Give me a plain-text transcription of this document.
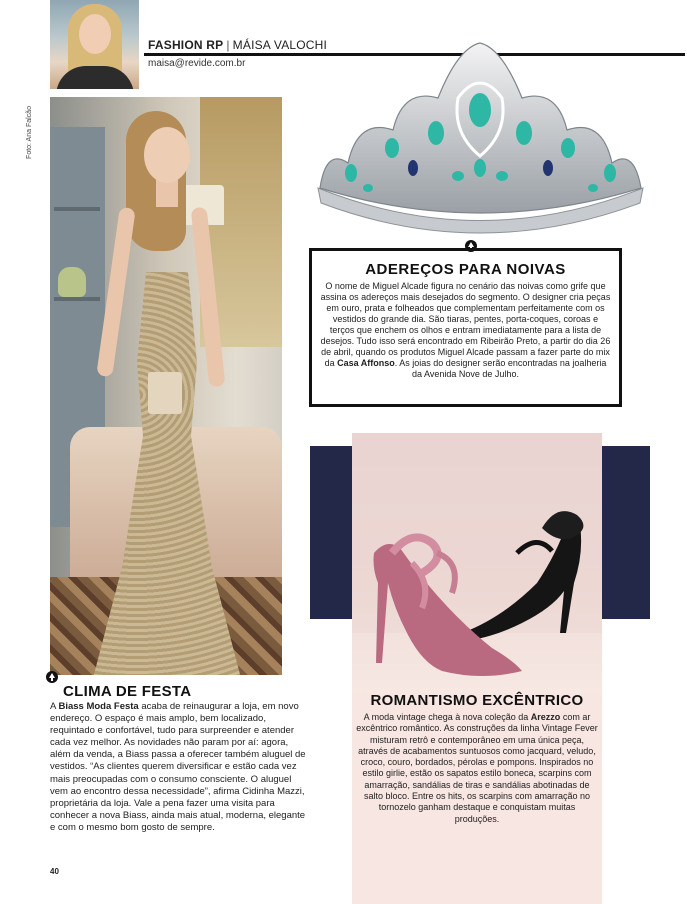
FASHION RP | MÁISA VALOCHI
maisa@revide.com.br
Foto: Ana Falcão
ADEREÇOS PARA NOIVAS

O nome de Miguel Alcade figura no cenário das noivas como grife que assina os adereços mais desejados do segmento. O designer cria peças em ouro, prata e folheados que complementam perfeitamente com os vestidos do grande dia. São tiaras, pentes, porta-coques, coroas e terços que enchem os olhos e entram imediatamente para a lista de desejos. Tudo isso será encontrado em Ribeirão Preto, a partir do dia 26 de abril, quando os produtos Miguel Alcade passam a fazer parte do mix da Casa Affonso. As joias do designer serão encontradas na joalheria da Avenida Nove de Julho.

CLIMA DE FESTA

A Biass Moda Festa acaba de reinaugurar a loja, em novo endereço. O espaço é mais amplo, bem localizado, requintado e confortável, tudo para surpreender e atender cada vez melhor. As novidades não param por aí: agora, além da venda, a Biass passa a oferecer também aluguel de vestidos. “As clientes querem diversificar e estão cada vez mais preocupadas com o consumo consciente. O aluguel vem ao encontro dessa necessidade”, afirma Cidinha Mazzi, proprietária da loja. Vale a pena fazer uma visita para conhecer a nova Biass, ainda mais atual, moderna, elegante e com o mesmo bom gosto de sempre.

40
ROMANTISMO EXCÊNTRICO

A moda vintage chega à nova coleção da Arezzo com ar excêntrico romântico. As construções da linha Vintage Fever misturam retrô e contemporâneo em uma única peça, através de acabamentos suntuosos como jacquard, veludo, croco, couro, bordados, pérolas e pompons. Inspirados no estilo girlie, estão os sapatos estilo boneca, scarpins com amarração, sandálias de tiras e sandálias abotinadas de salto bloco. Entre os hits, os scarpins com amarração no tornozelo ganham destaque e conquistam muitas produções.
